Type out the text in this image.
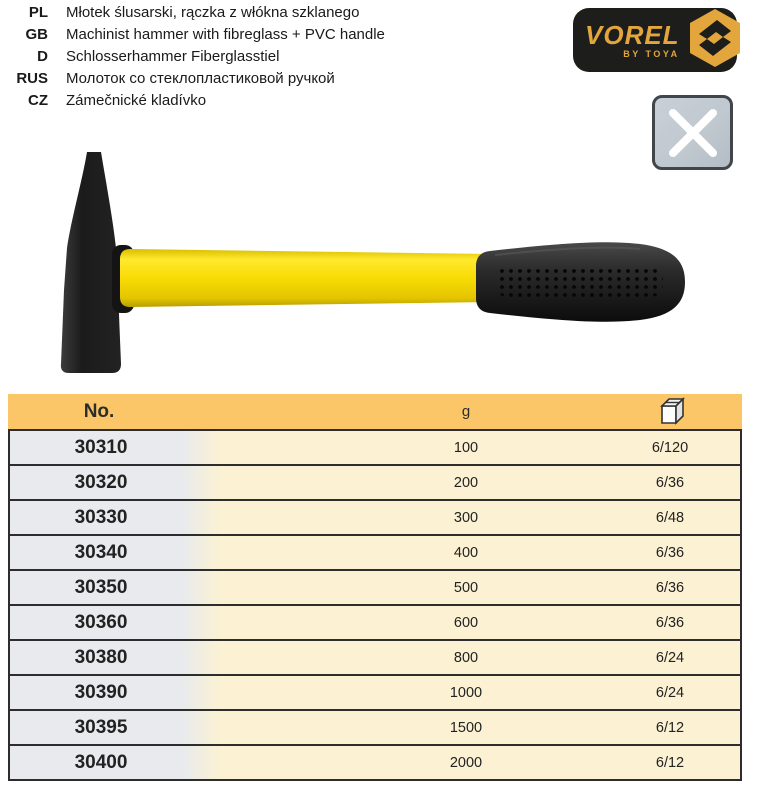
PL Młotek ślusarski, rączka z włókna szklanego
GB Machinist hammer with fibreglass + PVC handle
D Schlosserhammer Fiberglasstiel
RUS Молоток со стеклопластиковой ручкой
CZ Zámečnické kladívko
VOREL
BY TOYA
No.	g
30310	100	6/120
30320	200	6/36
30330	300	6/48
30340	400	6/36
30350	500	6/36
30360	600	6/36
30380	800	6/24
30390	1000	6/24
30395	1500	6/12
30400	2000	6/12
